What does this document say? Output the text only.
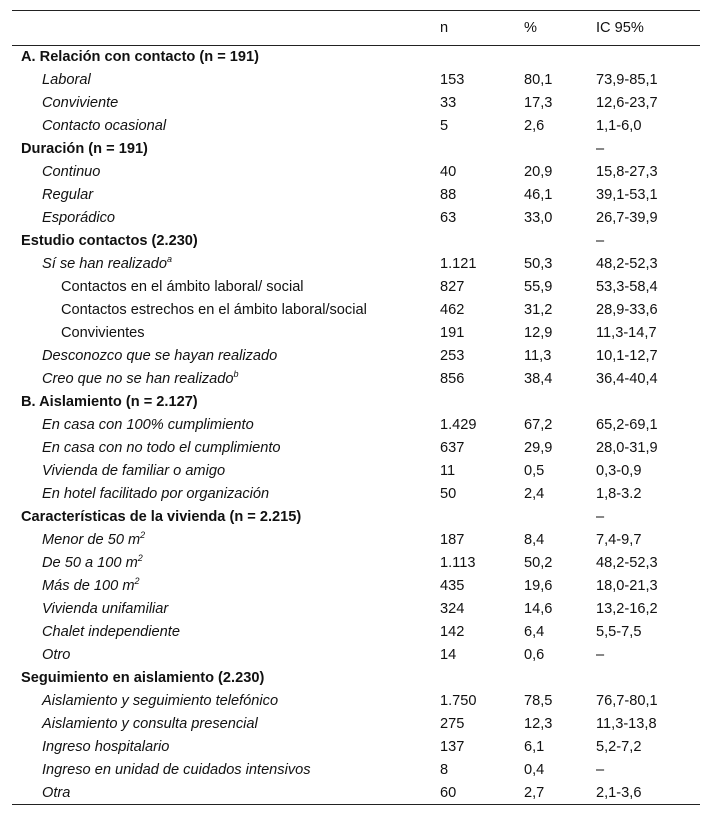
	n	%	IC 95%
A. Relación con contacto (n = 191)			
Laboral	153	80,1	73,9-85,1
Conviviente	33	17,3	12,6-23,7
Contacto ocasional	5	2,6	1,1-6,0
Duración (n = 191)			–
Continuo	40	20,9	15,8-27,3
Regular	88	46,1	39,1-53,1
Esporádico	63	33,0	26,7-39,9
Estudio contactos (2.230)			–
Sí se han realizado$^a$	1.121	50,3	48,2-52,3
Contactos en el ámbito laboral/ social	827	55,9	53,3-58,4
Contactos estrechos en el ámbito laboral/social	462	31,2	28,9-33,6
Convivientes	191	12,9	11,3-14,7
Desconozco que se hayan realizado	253	11,3	10,1-12,7
Creo que no se han realizado$^b$	856	38,4	36,4-40,4
B. Aislamiento (n = 2.127)			
En casa con 100% cumplimiento	1.429	67,2	65,2-69,1
En casa con no todo el cumplimiento	637	29,9	28,0-31,9
Vivienda de familiar o amigo	11	0,5	0,3-0,9
En hotel facilitado por organización	50	2,4	1,8-3.2
Características de la vivienda (n = 2.215)			–
Menor de 50 $m^2$	187	8,4	7,4-9,7
De 50 a 100 $m^2$	1.113	50,2	48,2-52,3
Más de 100 $m^2$	435	19,6	18,0-21,3
Vivienda unifamiliar	324	14,6	13,2-16,2
Chalet independiente	142	6,4	5,5-7,5
Otro	14	0,6	–
Seguimiento en aislamiento (2.230)			
Aislamiento y seguimiento telefónico	1.750	78,5	76,7-80,1
Aislamiento y consulta presencial	275	12,3	11,3-13,8
Ingreso hospitalario	137	6,1	5,2-7,2
Ingreso en unidad de cuidados intensivos	8	0,4	–
Otra	60	2,7	2,1-3,6
